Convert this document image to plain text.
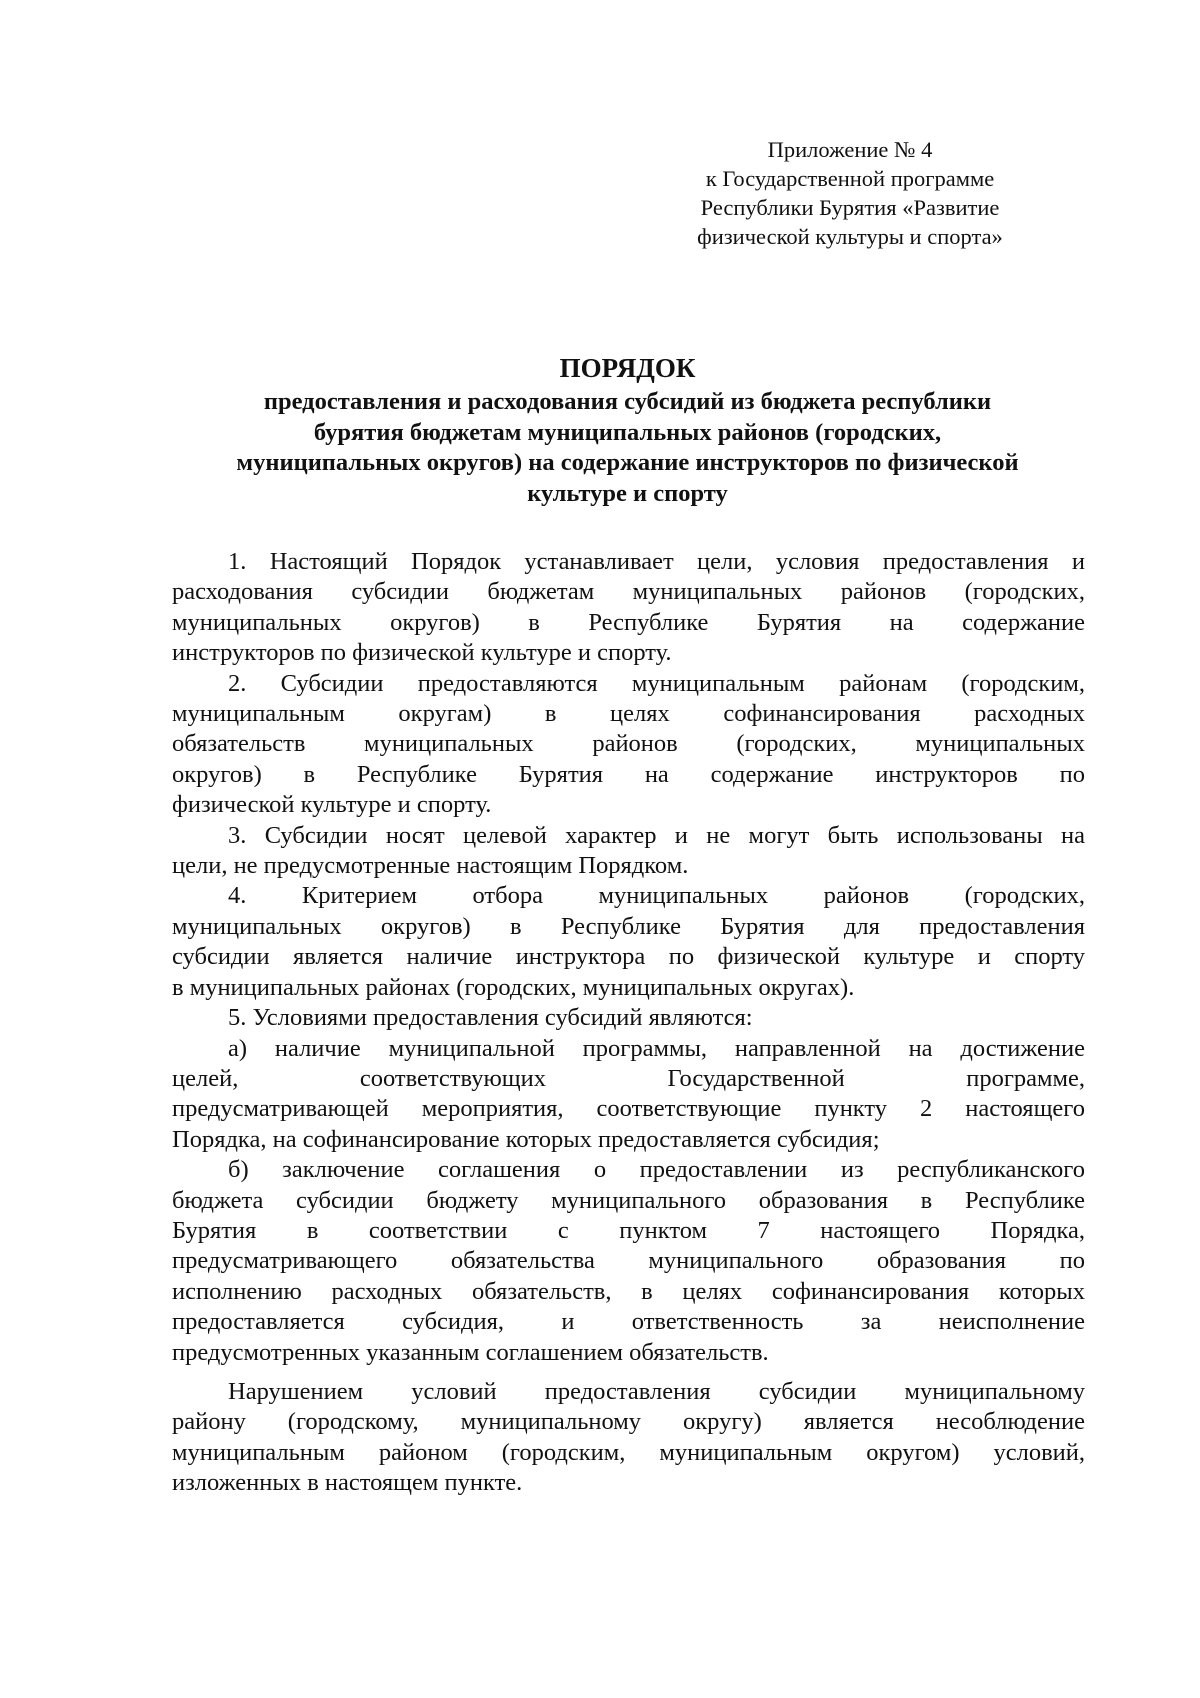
Приложение № 4
к Государственной программе
Республики Бурятия «Развитие
физической культуры и спорта»
ПОРЯДОК
предоставления и расходования субсидий из бюджета республики
бурятия бюджетам муниципальных районов (городских,
муниципальных округов) на содержание инструкторов по физической
культуре и спорту
1. Настоящий Порядок устанавливает цели, условия предоставления и
расходования субсидии бюджетам муниципальных районов (городских,
муниципальных округов) в Республике Бурятия на содержание
инструкторов по физической культуре и спорту.
2. Субсидии предоставляются муниципальным районам (городским,
муниципальным округам) в целях софинансирования расходных
обязательств муниципальных районов (городских, муниципальных
округов) в Республике Бурятия на содержание инструкторов по
физической культуре и спорту.
3. Субсидии носят целевой характер и не могут быть использованы на
цели, не предусмотренные настоящим Порядком.
4. Критерием отбора муниципальных районов (городских,
муниципальных округов) в Республике Бурятия для предоставления
субсидии является наличие инструктора по физической культуре и спорту
в муниципальных районах (городских, муниципальных округах).
5. Условиями предоставления субсидий являются:
а) наличие муниципальной программы, направленной на достижение
целей, соответствующих Государственной программе,
предусматривающей мероприятия, соответствующие пункту 2 настоящего
Порядка, на софинансирование которых предоставляется субсидия;
б) заключение соглашения о предоставлении из республиканского
бюджета субсидии бюджету муниципального образования в Республике
Бурятия в соответствии с пунктом 7 настоящего Порядка,
предусматривающего обязательства муниципального образования по
исполнению расходных обязательств, в целях софинансирования которых
предоставляется субсидия, и ответственность за неисполнение
предусмотренных указанным соглашением обязательств.
Нарушением условий предоставления субсидии муниципальному
району (городскому, муниципальному округу) является несоблюдение
муниципальным районом (городским, муниципальным округом) условий,
изложенных в настоящем пункте.
